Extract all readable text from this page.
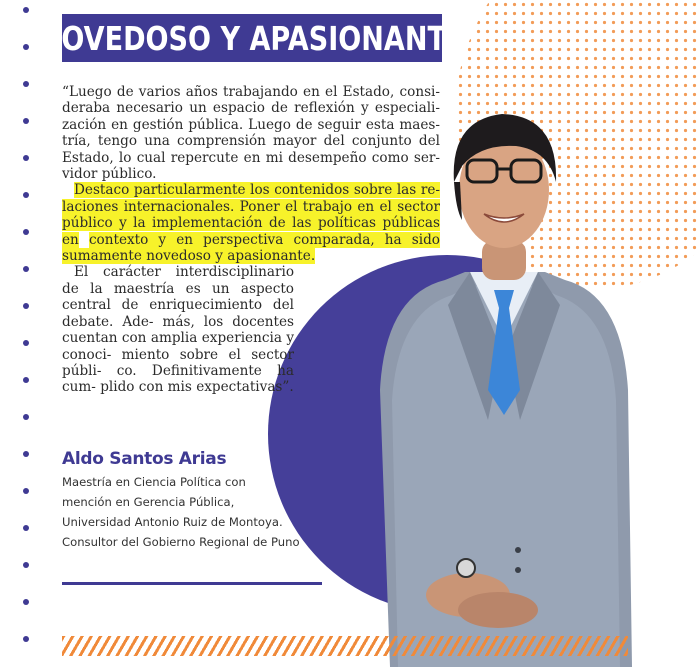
NOVEDOSO Y APASIONANTE

“Luego de varios años trabajando en el Estado, consi- deraba necesario un espacio de reflexión y especiali- zación en gestión pública. Luego de seguir esta maes- tría, tengo una comprensión mayor del conjunto del Estado, lo cual repercute en mi desempeño como ser- vidor público.

Destaco particularmente los contenidos sobre las re- laciones internacionales. Poner el trabajo en el sector público y la implementación de las políticas públicas en contexto y en perspectiva comparada, ha sido sumamente novedoso y apasionante.

El carácter interdisciplinario de la maestría es un aspecto central de enriquecimiento del debate. Ade- más, los docentes cuentan con amplia experiencia y conoci- miento sobre el sector públi- co. Definitivamente ha cum- plido con mis expectativas”.

Aldo Santos Arias
Maestría en Ciencia Política con
mención en Gerencia Pública,
Universidad Antonio Ruiz de Montoya.
Consultor del Gobierno Regional de Puno
